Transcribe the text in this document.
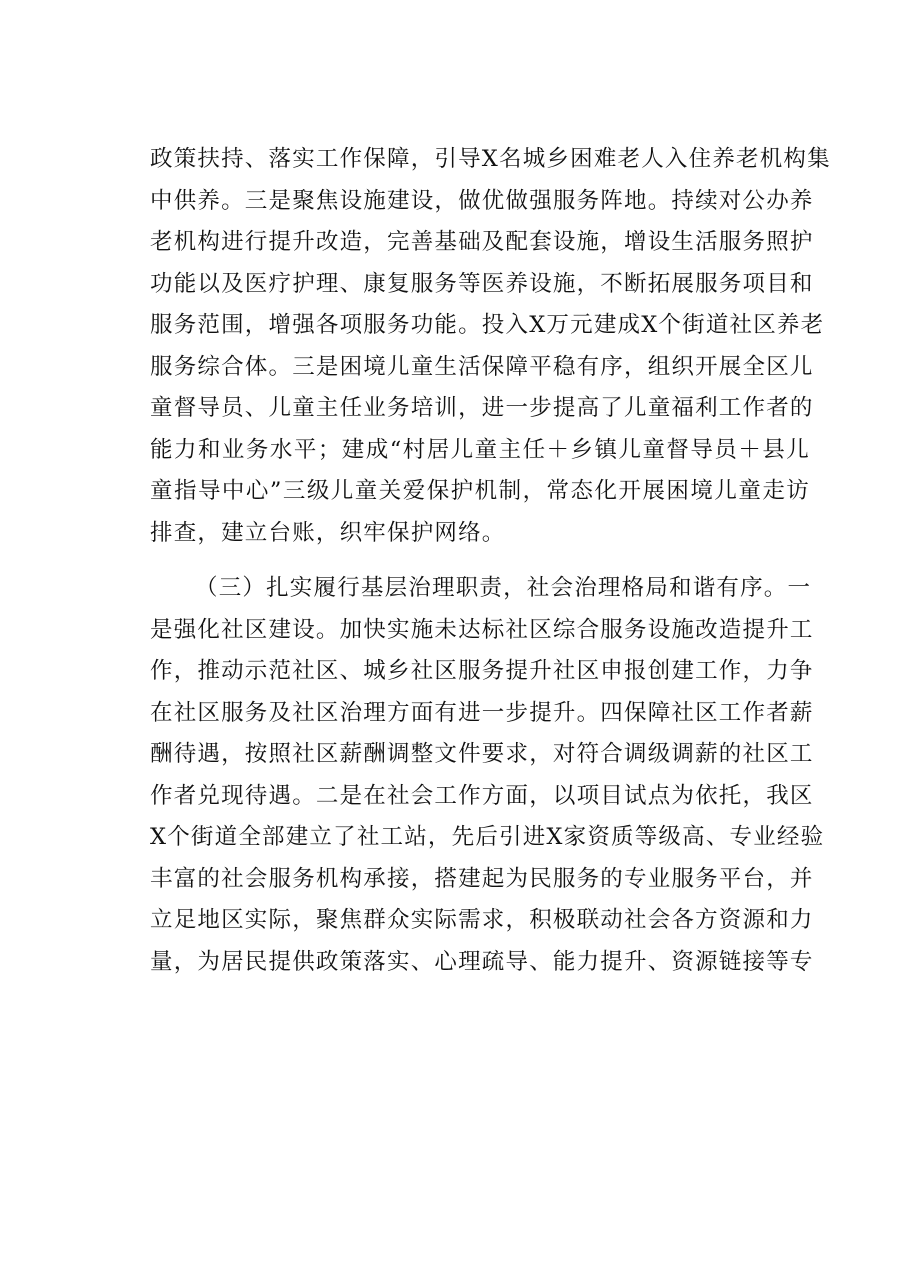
政策扶持、落实工作保障，引导X名城乡困难老人入住养老机构集

中供养。三是聚焦设施建设，做优做强服务阵地。持续对公办养

老机构进行提升改造，完善基础及配套设施，增设生活服务照护

功能以及医疗护理、康复服务等医养设施，不断拓展服务项目和

服务范围，增强各项服务功能。投入X万元建成X个街道社区养老

服务综合体。三是困境儿童生活保障平稳有序，组织开展全区儿

童督导员、儿童主任业务培训，进一步提高了儿童福利工作者的

能力和业务水平；建成“村居儿童主任＋乡镇儿童督导员＋县儿

童指导中心”三级儿童关爱保护机制，常态化开展困境儿童走访

排查，建立台账，织牢保护网络。

（三）扎实履行基层治理职责，社会治理格局和谐有序。一

是强化社区建设。加快实施未达标社区综合服务设施改造提升工

作，推动示范社区、城乡社区服务提升社区申报创建工作，力争

在社区服务及社区治理方面有进一步提升。四保障社区工作者薪

酬待遇，按照社区薪酬调整文件要求，对符合调级调薪的社区工

作者兑现待遇。二是在社会工作方面，以项目试点为依托，我区

X个街道全部建立了社工站，先后引进X家资质等级高、专业经验

丰富的社会服务机构承接，搭建起为民服务的专业服务平台，并

立足地区实际，聚焦群众实际需求，积极联动社会各方资源和力

量，为居民提供政策落实、心理疏导、能力提升、资源链接等专
